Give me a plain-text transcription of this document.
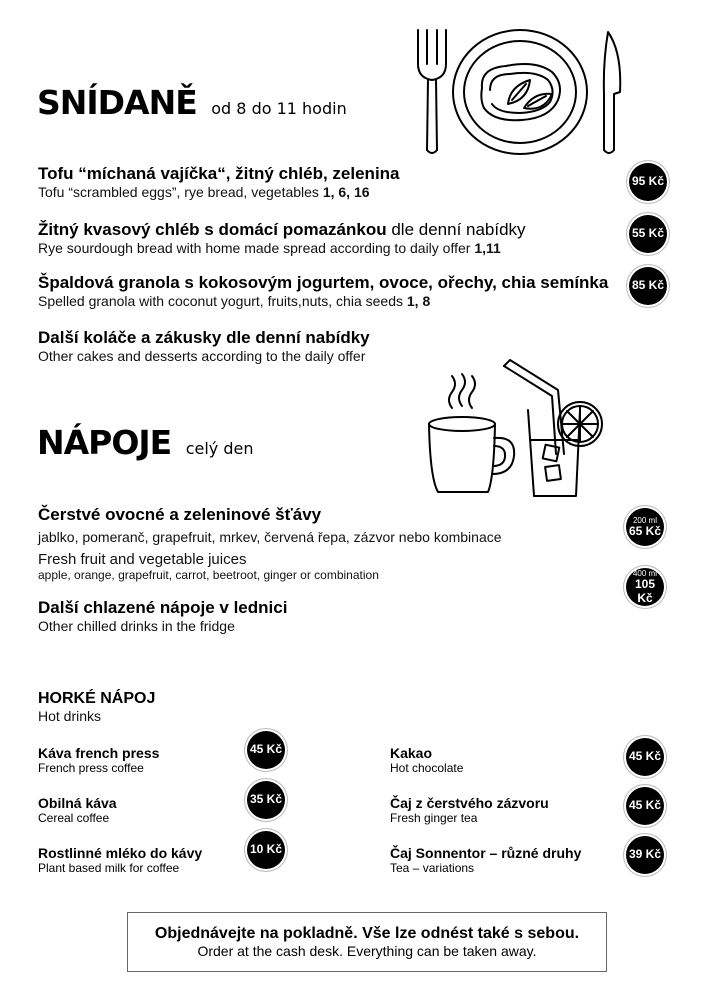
SNÍDANĚ od 8 do 11 hodin
Tofu “míchaná vajíčka“, žitný chléb, zelenina
Tofu “scrambled eggs”, rye bread, vegetables 1, 6, 16
95 Kč
Žitný kvasový chléb s domácí pomazánkou dle denní nabídky
Rye sourdough bread with home made spread according to daily offer 1,11
55 Kč
Špaldová granola s kokosovým jogurtem, ovoce, ořechy, chia semínka
Spelled granola with coconut yogurt, fruits,nuts, chia seeds 1, 8
85 Kč
Další koláče a zákusky dle denní nabídky
Other cakes and desserts according to the daily offer
NÁPOJE celý den
Čerstvé ovocné a zeleninové šťávy
jablko, pomeranč, grapefruit, mrkev, červená řepa, zázvor nebo kombinace
Fresh fruit and vegetable juices
apple, orange, grapefruit, carrot, beetroot, ginger or combination
200 ml
65 Kč
400 ml
105 Kč
Další chlazené nápoje v lednici
Other chilled drinks in the fridge
HORKÉ NÁPOJ
Hot drinks
Káva french press
French press coffee
45 Kč
Obilná káva
Cereal coffee
35 Kč
Rostlinné mléko do kávy
Plant based milk for coffee
10 Kč
Kakao
Hot chocolate
45 Kč
Čaj z čerstvého zázvoru
Fresh ginger tea
45 Kč
Čaj Sonnentor – různé druhy
Tea – variations
39 Kč
Objednávejte na pokladně. Vše lze odnést také s sebou.
Order at the cash desk. Everything can be taken away.
